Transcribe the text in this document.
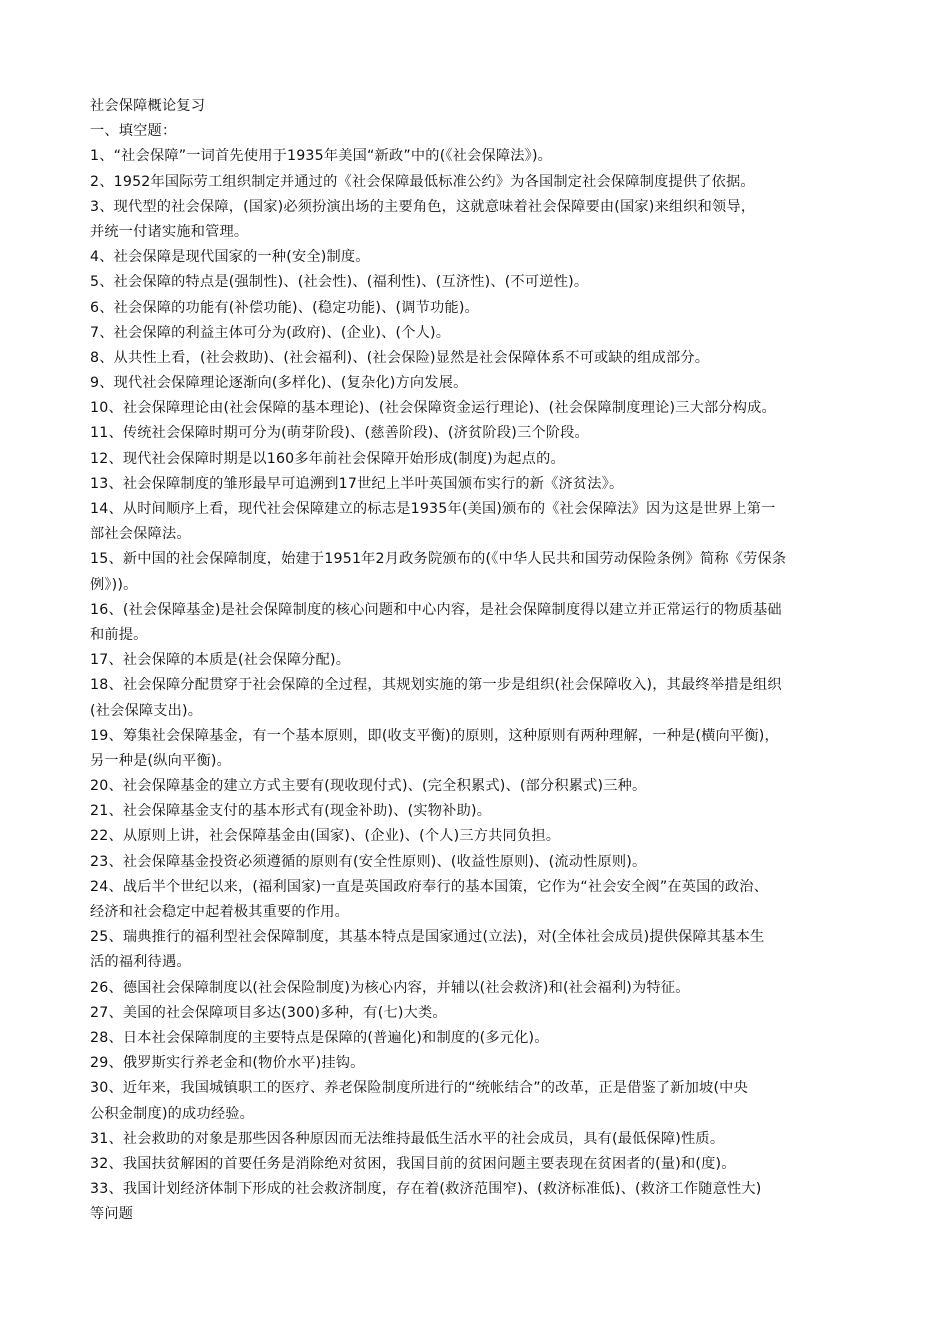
社会保障概论复习
一、填空题：
1、“社会保障”一词首先使用于1935年美国“新政”中的(《社会保障法》)。
2、1952年国际劳工组织制定并通过的《社会保障最低标准公约》为各国制定社会保障制度提供了依据。
3、现代型的社会保障，(国家)必须扮演出场的主要角色，这就意味着社会保障要由(国家)来组织和领导，
并统一付诸实施和管理。
4、社会保障是现代国家的一种(安全)制度。
5、社会保障的特点是(强制性)、(社会性)、(福利性)、(互济性)、(不可逆性)。
6、社会保障的功能有(补偿功能)、(稳定功能)、(调节功能)。
7、社会保障的利益主体可分为(政府)、(企业)、(个人)。
8、从共性上看，(社会救助)、(社会福利)、(社会保险)显然是社会保障体系不可或缺的组成部分。
9、现代社会保障理论逐渐向(多样化)、(复杂化)方向发展。
10、社会保障理论由(社会保障的基本理论)、(社会保障资金运行理论)、(社会保障制度理论)三大部分构成。
11、传统社会保障时期可分为(萌芽阶段)、(慈善阶段)、(济贫阶段)三个阶段。
12、现代社会保障时期是以160多年前社会保障开始形成(制度)为起点的。
13、社会保障制度的雏形最早可追溯到17世纪上半叶英国颁布实行的新《济贫法》。
14、从时间顺序上看，现代社会保障建立的标志是1935年(美国)颁布的《社会保障法》因为这是世界上第一
部社会保障法。
15、新中国的社会保障制度，始建于1951年2月政务院颁布的(《中华人民共和国劳动保险条例》简称《劳保条
例》))。
16、(社会保障基金)是社会保障制度的核心问题和中心内容，是社会保障制度得以建立并正常运行的物质基础
和前提。
17、社会保障的本质是(社会保障分配)。
18、社会保障分配贯穿于社会保障的全过程，其规划实施的第一步是组织(社会保障收入)，其最终举措是组织
(社会保障支出)。
19、筹集社会保障基金，有一个基本原则，即(收支平衡)的原则，这种原则有两种理解，一种是(横向平衡)，
另一种是(纵向平衡)。
20、社会保障基金的建立方式主要有(现收现付式)、(完全积累式)、(部分积累式)三种。
21、社会保障基金支付的基本形式有(现金补助)、(实物补助)。
22、从原则上讲，社会保障基金由(国家)、(企业)、(个人)三方共同负担。
23、社会保障基金投资必须遵循的原则有(安全性原则)、(收益性原则)、(流动性原则)。
24、战后半个世纪以来，(福利国家)一直是英国政府奉行的基本国策，它作为“社会安全阀”在英国的政治、
经济和社会稳定中起着极其重要的作用。
25、瑞典推行的福利型社会保障制度，其基本特点是国家通过(立法)，对(全体社会成员)提供保障其基本生
活的福利待遇。
26、德国社会保障制度以(社会保险制度)为核心内容，并辅以(社会救济)和(社会福利)为特征。
27、美国的社会保障项目多达(300)多种，有(七)大类。
28、日本社会保障制度的主要特点是保障的(普遍化)和制度的(多元化)。
29、俄罗斯实行养老金和(物价水平)挂钩。
30、近年来，我国城镇职工的医疗、养老保险制度所进行的“统帐结合”的改革，正是借鉴了新加坡(中央
公积金制度)的成功经验。
31、社会救助的对象是那些因各种原因而无法维持最低生活水平的社会成员，具有(最低保障)性质。
32、我国扶贫解困的首要任务是消除绝对贫困，我国目前的贫困问题主要表现在贫困者的(量)和(度)。
33、我国计划经济体制下形成的社会救济制度，存在着(救济范围窄)、(救济标准低)、(救济工作随意性大)
等问题
